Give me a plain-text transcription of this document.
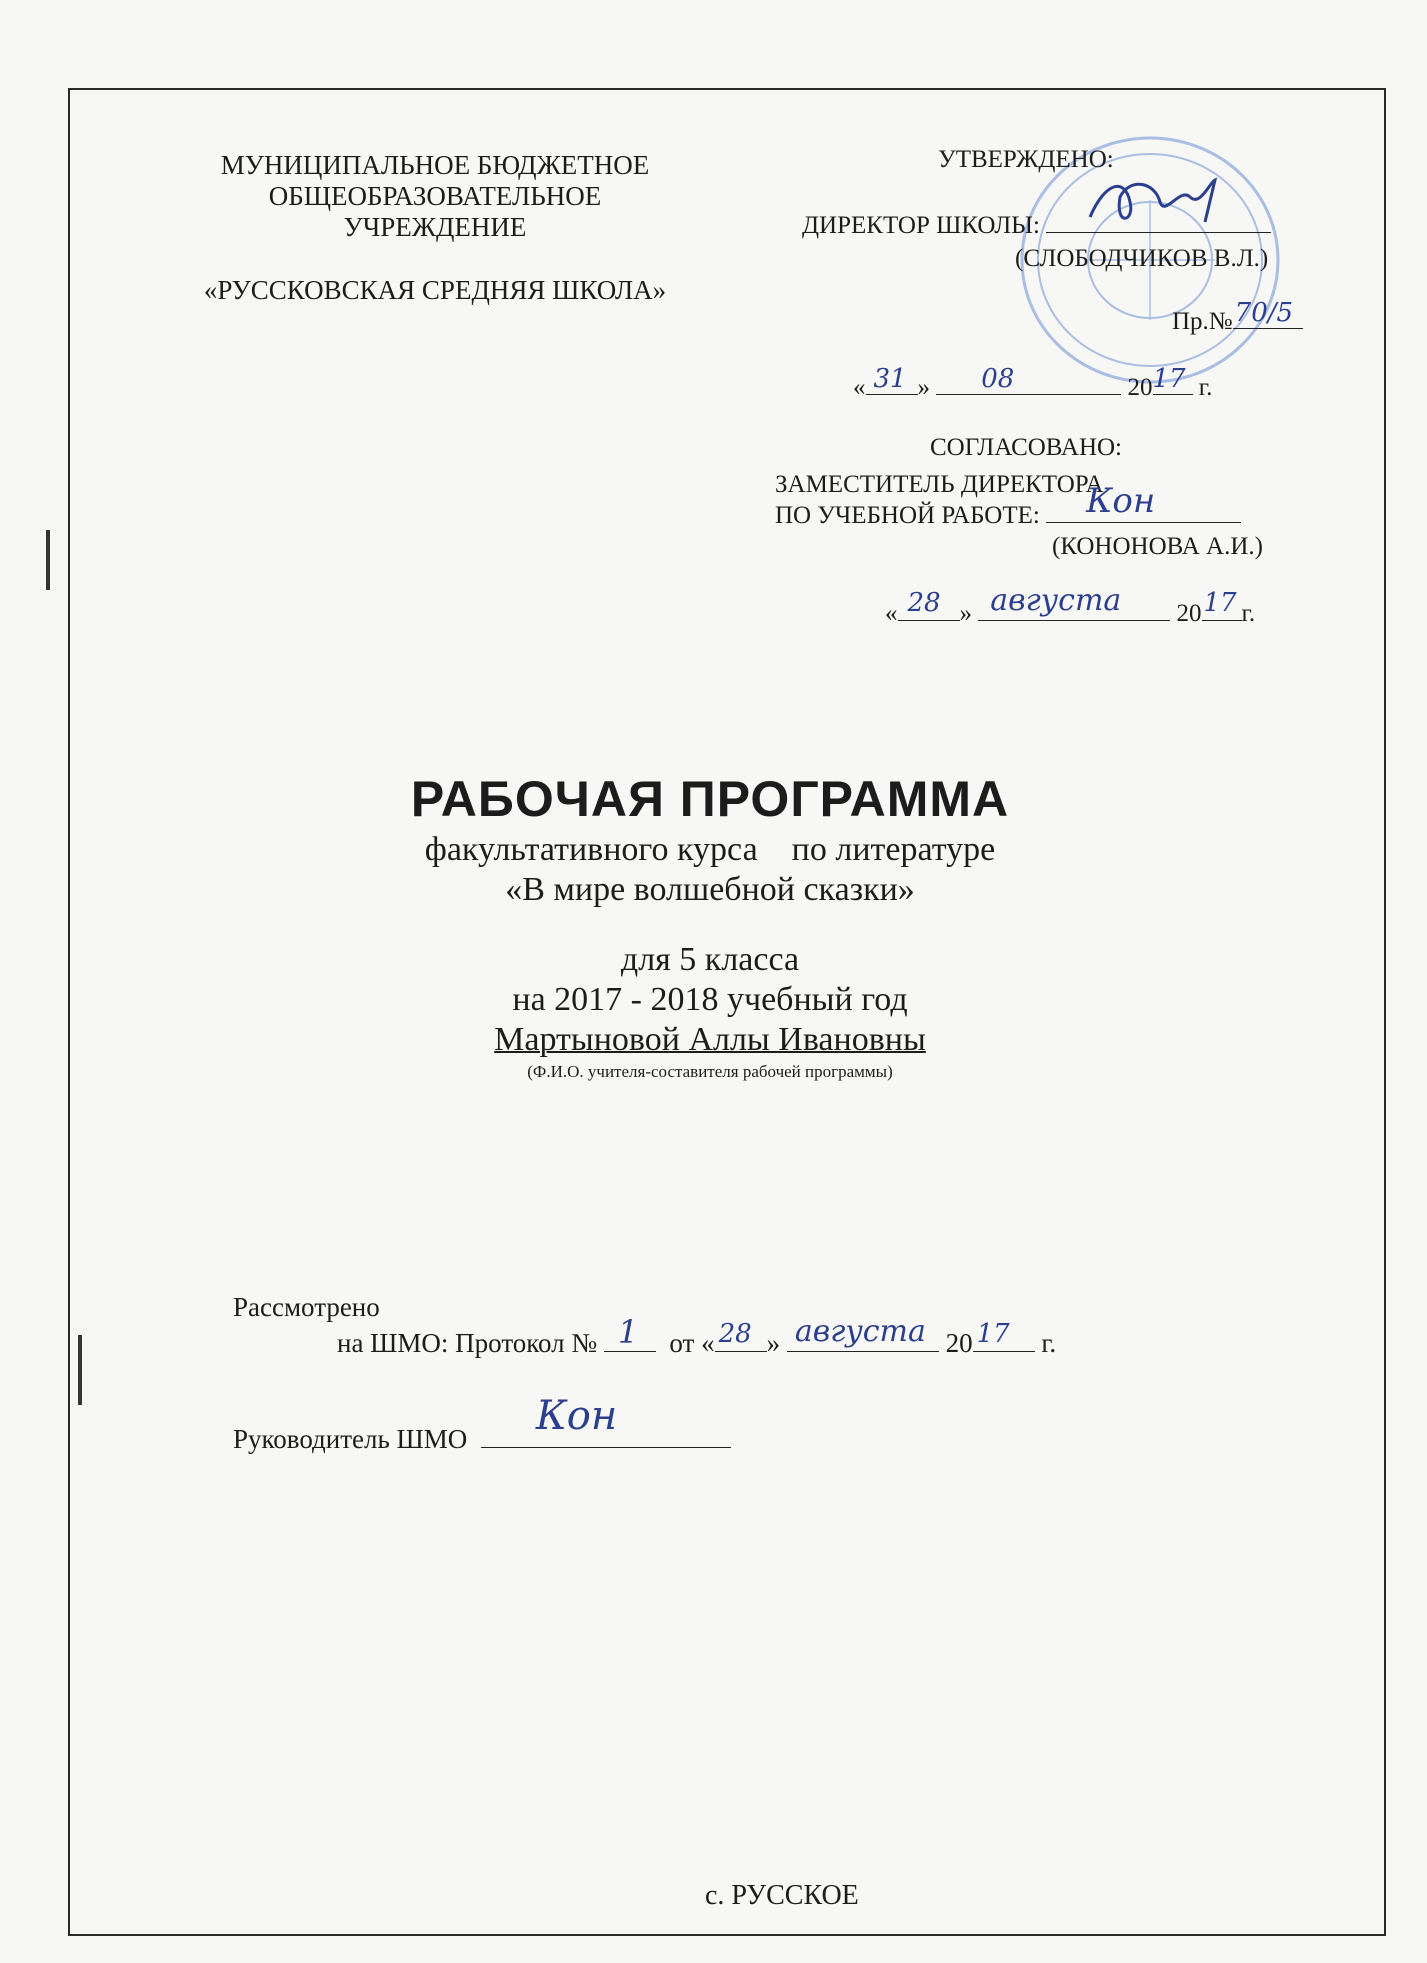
МУНИЦИПАЛЬНОЕ БЮДЖЕТНОЕ
ОБЩЕОБРАЗОВАТЕЛЬНОЕ
УЧРЕЖДЕНИЕ
«РУССКОВСКАЯ СРЕДНЯЯ ШКОЛА»
УТВЕРЖДЕНО:
ДИРЕКТОР ШКОЛЫ:
(СЛОБОДЧИКОВ В.Л.)
Пр.№ 70/5
« 31 » 08	20 17 г.
СОГЛАСОВАНО:
ЗАМЕСТИТЕЛЬ ДИРЕКТОРА
ПО УЧЕБНОЙ РАБОТЕ: Кон
(КОНОНОВА А.И.)
« 28 » августа 20 17 г.
РАБОЧАЯ ПРОГРАММА
факультативного курса по литературе
«В мире волшебной сказки»
для 5 класса
на 2017 - 2018 учебный год
Мартыновой Аллы Ивановны
(Ф.И.О. учителя-составителя рабочей программы)
Рассмотрено
на ШМО: Протокол № 1 от « 28 » августа 20 17 г.
Руководитель ШМО Кон
с. РУССКОЕ
